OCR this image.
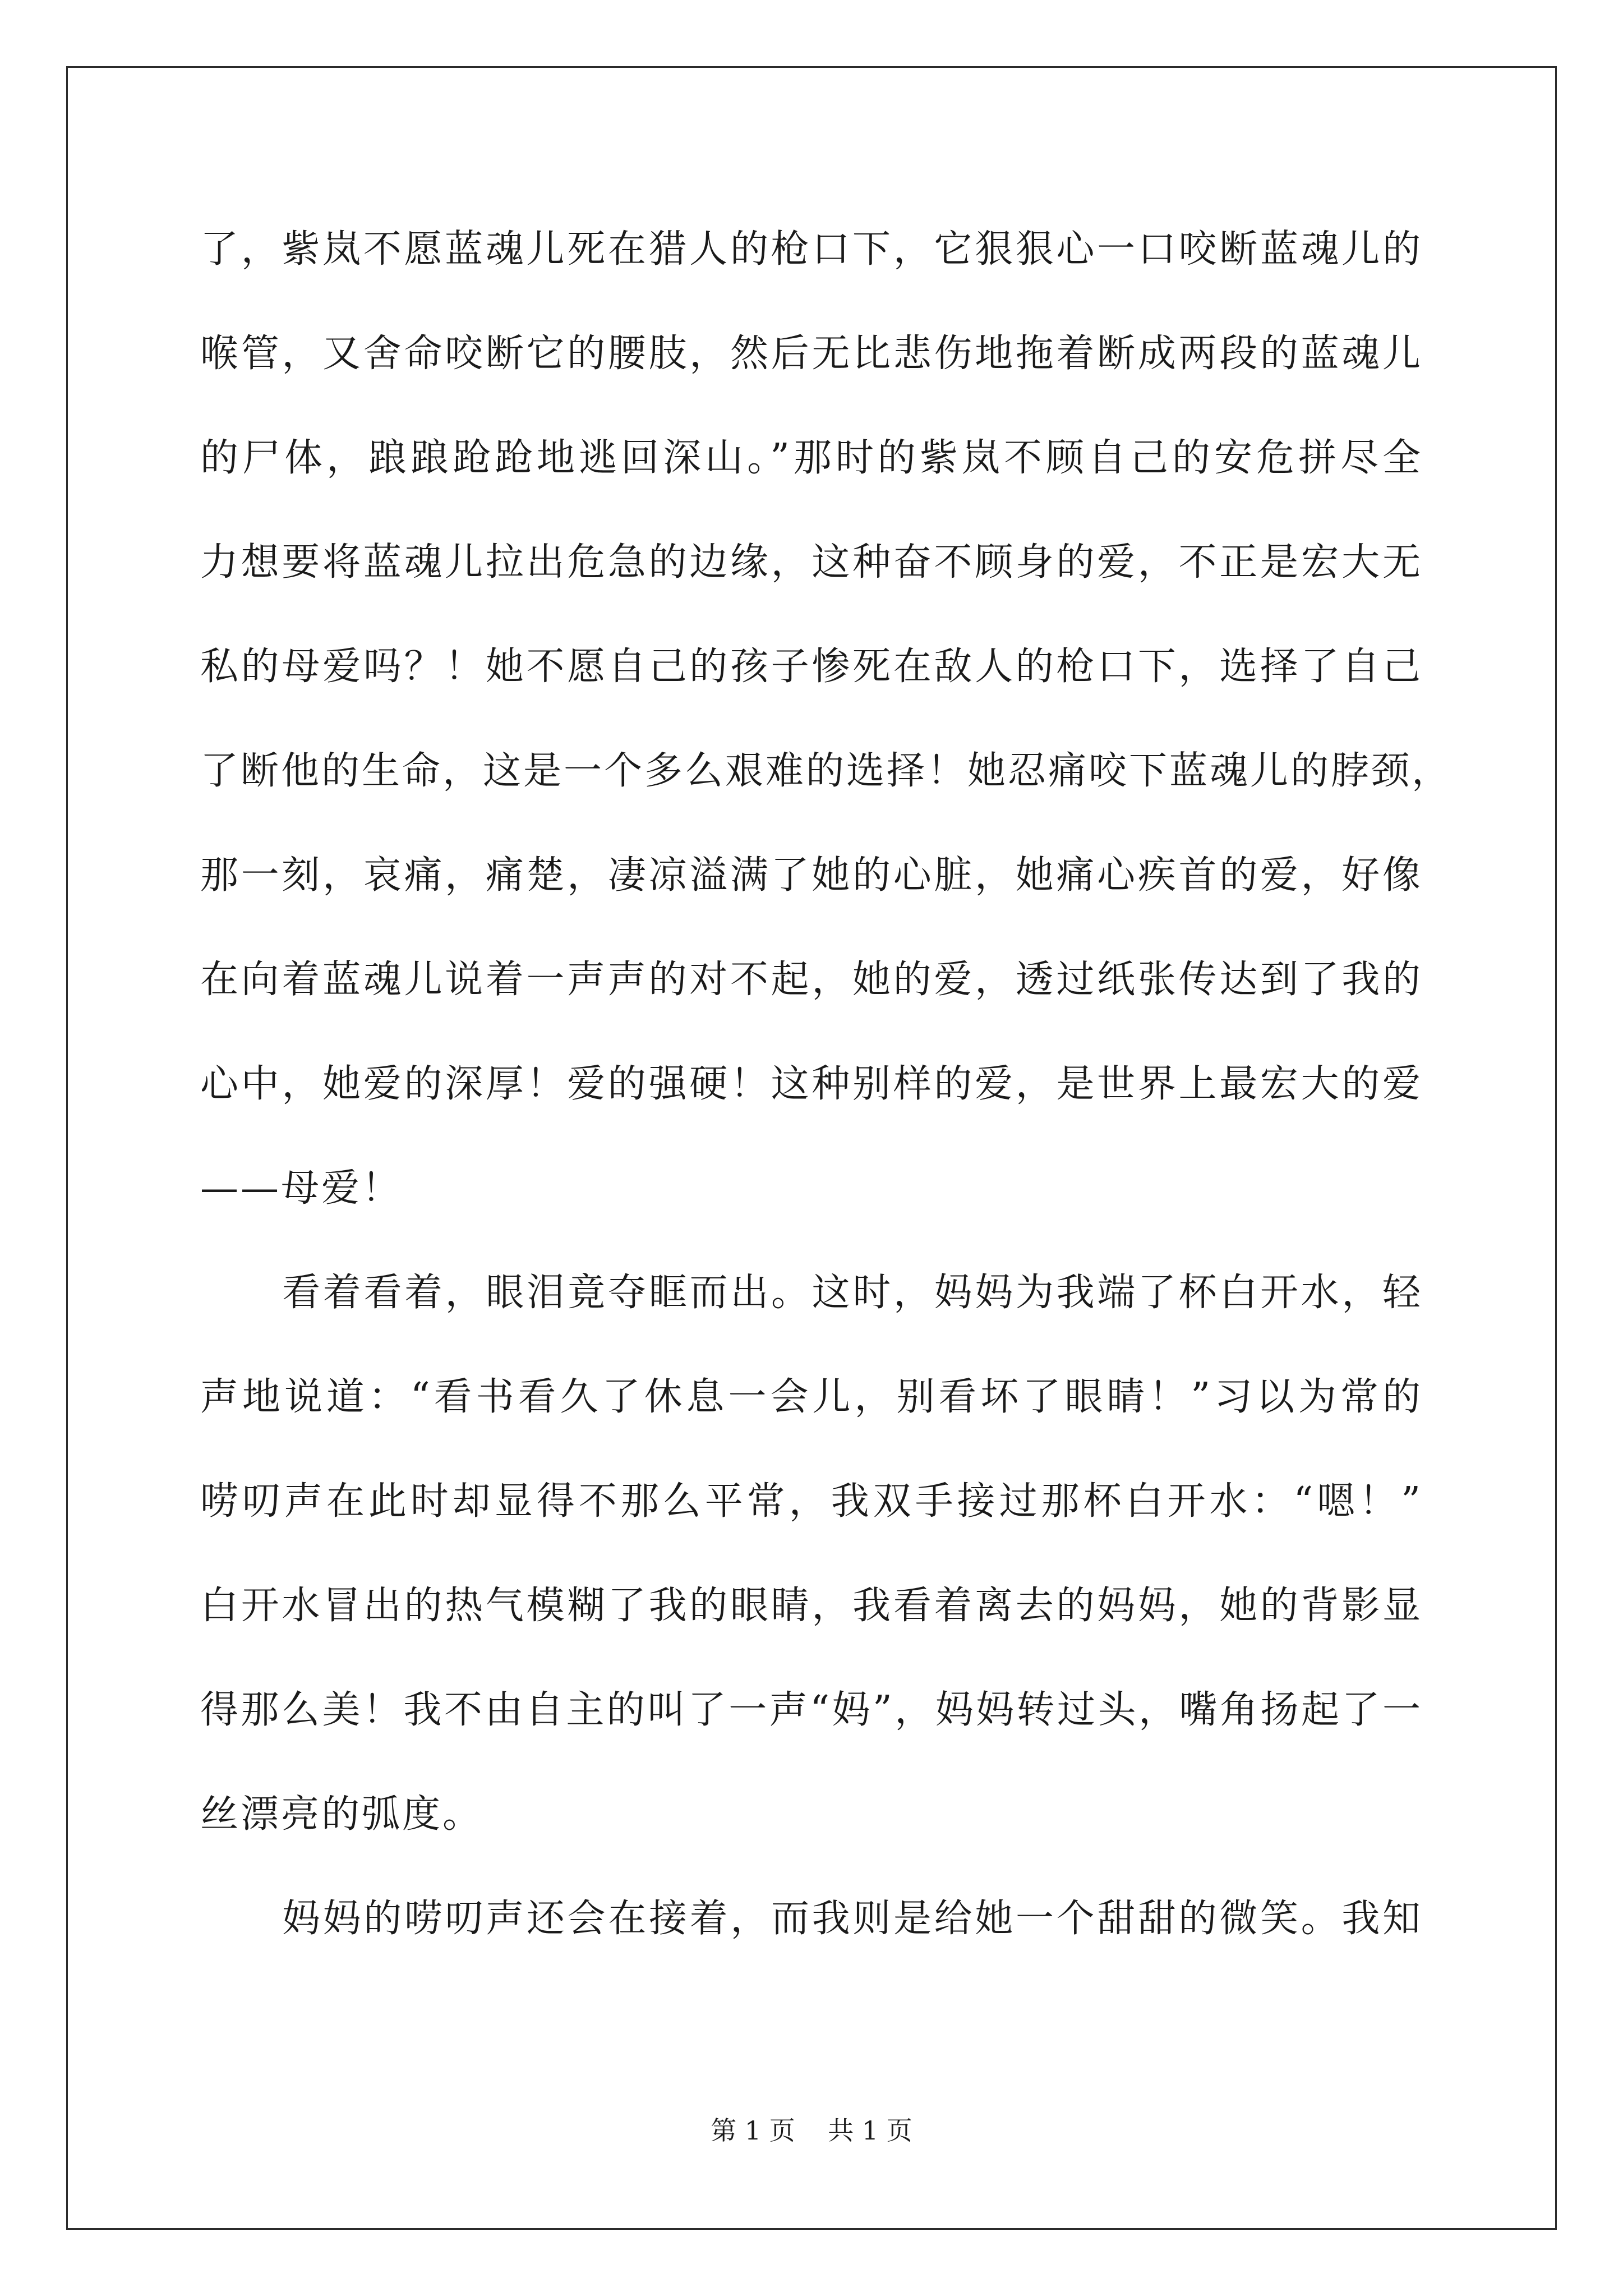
了，紫岚不愿蓝魂儿死在猎人的枪口下，它狠狠心一口咬断蓝魂儿的
喉管，又舍命咬断它的腰肢，然后无比悲伤地拖着断成两段的蓝魂儿
的尸体，踉踉跄跄地逃回深山。”那时的紫岚不顾自己的安危拼尽全
力想要将蓝魂儿拉出危急的边缘，这种奋不顾身的爱，不正是宏大无
私的母爱吗？！她不愿自己的孩子惨死在敌人的枪口下，选择了自己
了断他的生命，这是一个多么艰难的选择！她忍痛咬下蓝魂儿的脖颈，
那一刻，哀痛，痛楚，凄凉溢满了她的心脏，她痛心疾首的爱，好像
在向着蓝魂儿说着一声声的对不起，她的爱，透过纸张传达到了我的
心中，她爱的深厚！爱的强硬！这种别样的爱，是世界上最宏大的爱
——母爱！
看着看着，眼泪竟夺眶而出。这时，妈妈为我端了杯白开水，轻
声地说道：“看书看久了休息一会儿，别看坏了眼睛！”习以为常的
唠叨声在此时却显得不那么平常，我双手接过那杯白开水：“嗯！”
白开水冒出的热气模糊了我的眼睛，我看着离去的妈妈，她的背影显
得那么美！我不由自主的叫了一声“妈”，妈妈转过头，嘴角扬起了一
丝漂亮的弧度。
妈妈的唠叨声还会在接着，而我则是给她一个甜甜的微笑。我知
第 1 页    共 1 页
